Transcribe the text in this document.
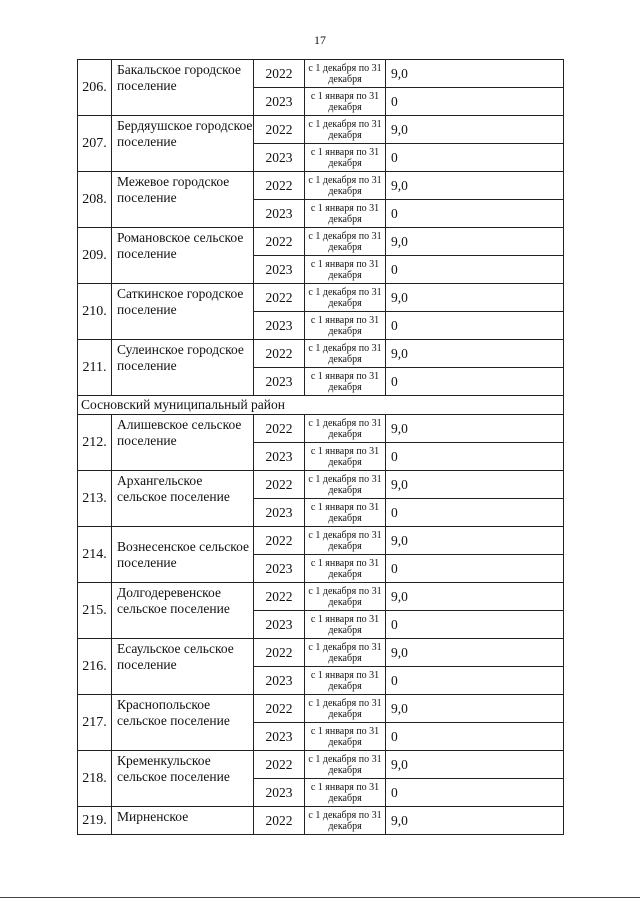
17
206.	Бакальское городское поселение	2022	с 1 декабря по 31 декабря	9,0
		2023	с 1 января по 31 декабря	0
207.	Бердяушское городское поселение	2022	с 1 декабря по 31 декабря	9,0
		2023	с 1 января по 31 декабря	0
208.	Межевое городское поселение	2022	с 1 декабря по 31 декабря	9,0
		2023	с 1 января по 31 декабря	0
209.	Романовское сельское поселение	2022	с 1 декабря по 31 декабря	9,0
		2023	с 1 января по 31 декабря	0
210.	Саткинское городское поселение	2022	с 1 декабря по 31 декабря	9,0
		2023	с 1 января по 31 декабря	0
211.	Сулеинское городское поселение	2022	с 1 декабря по 31 декабря	9,0
		2023	с 1 января по 31 декабря	0
Сосновский муниципальный район				
212.	Алишевское сельское поселение	2022	с 1 декабря по 31 декабря	9,0
		2023	с 1 января по 31 декабря	0
213.	Архангельское сельское поселение	2022	с 1 декабря по 31 декабря	9,0
		2023	с 1 января по 31 декабря	0
214.	Вознесенское сельское поселение	2022	с 1 декабря по 31 декабря	9,0
		2023	с 1 января по 31 декабря	0
215.	Долгодеревенское сельское поселение	2022	с 1 декабря по 31 декабря	9,0
		2023	с 1 января по 31 декабря	0
216.	Есаульское сельское поселение	2022	с 1 декабря по 31 декабря	9,0
		2023	с 1 января по 31 декабря	0
217.	Краснопольское сельское поселение	2022	с 1 декабря по 31 декабря	9,0
		2023	с 1 января по 31 декабря	0
218.	Кременкульское сельское поселение	2022	с 1 декабря по 31 декабря	9,0
		2023	с 1 января по 31 декабря	0
219.	Мирненское	2022	с 1 декабря по 31 декабря	9,0
